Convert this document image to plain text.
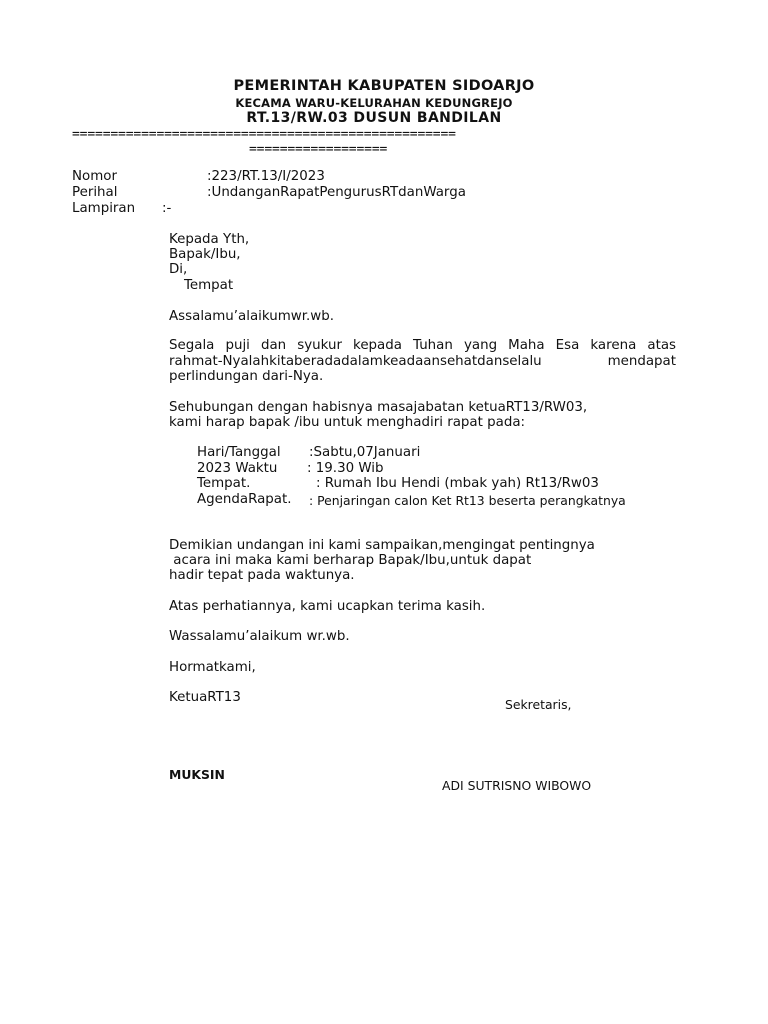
PEMERINTAH KABUPATEN SIDOARJO
KECAMA WARU-KELURAHAN KEDUNGREJO
RT.13/RW.03 DUSUN BANDILAN
==================================================
==================
Nomor	:223/RT.13/I/2023
Perihal	:UndanganRapatPengurusRTdanWarga
Lampiran :-
Kepada Yth,
Bapak/Ibu,
Di,
Tempat
Assalamu’alaikumwr.wb.
Segala puji dan syukur kepada Tuhan yang Maha Esa karena atas
rahmat-Nyalahkitaberadadalamkeadaansehatdanselalu mendapat
perlindungan dari-Nya.
Sehubungan dengan habisnya masajabatan ketuaRT13/RW03,
kami harap bapak /ibu untuk menghadiri rapat pada:
Hari/Tanggal :Sabtu,07Januari
2023 Waktu : 19.30 Wib
Tempat.	: Rumah Ibu Hendi (mbak yah) Rt13/Rw03
AgendaRapat. : Penjaringan calon Ket Rt13 beserta perangkatnya
Demikian undangan ini kami sampaikan,mengingat pentingnya
acara ini maka kami berharap Bapak/Ibu,untuk dapat
hadir tepat pada waktunya.
Atas perhatiannya, kami ucapkan terima kasih.
Wassalamu’alaikum wr.wb.
Hormatkami,
KetuaRT13	Sekretaris,
MUKSIN
ADI SUTRISNO WIBOWO
